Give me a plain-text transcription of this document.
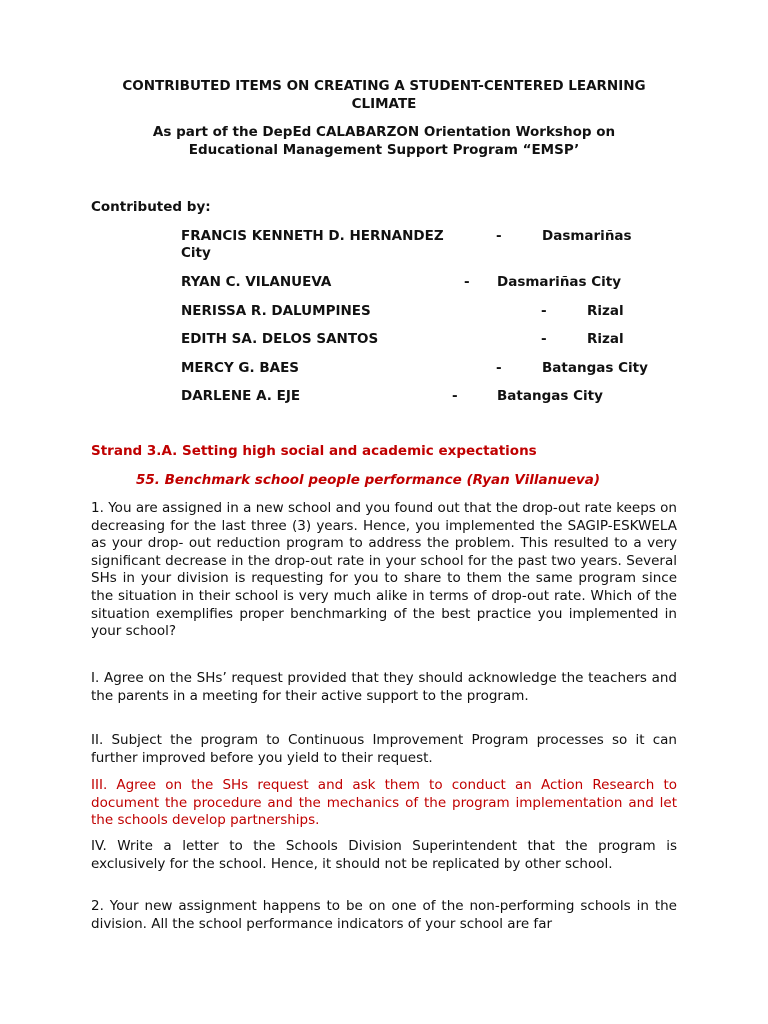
CONTRIBUTED ITEMS ON CREATING A STUDENT-CENTERED LEARNING
CLIMATE
As part of the DepEd CALABARZON Orientation Workshop on
Educational Management Support Program “EMSP’
Contributed by:
FRANCIS KENNETH D. HERNANDEZ	-	Dasmariñas
City
RYAN C. VILANUEVA	- Dasmariñas City
NERISSA R. DALUMPINES	-	Rizal
EDITH SA. DELOS SANTOS	-	Rizal
MERCY G. BAES	-	Batangas City
DARLENE A. EJE	-	Batangas City
Strand 3.A. Setting high social and academic expectations
55. Benchmark school people performance (Ryan Villanueva)

1. You are assigned in a new school and you found out that the drop-out rate keeps on decreasing for the last three (3) years. Hence, you implemented the SAGIP-ESKWELA as your drop- out reduction program to address the problem. This resulted to a very significant decrease in the drop-out rate in your school for the past two years. Several SHs in your division is requesting for you to share to them the same program since the situation in their school is very much alike in terms of drop-out rate. Which of the situation exemplifies proper benchmarking of the best practice you implemented in your school?

I. Agree on the SHs’ request provided that they should acknowledge the teachers and the parents in a meeting for their active support to the program.

II. Subject the program to Continuous Improvement Program processes so it can further improved before you yield to their request.

III. Agree on the SHs request and ask them to conduct an Action Research to document the procedure and the mechanics of the program implementation and let the schools develop partnerships.

IV. Write a letter to the Schools Division Superintendent that the program is exclusively for the school. Hence, it should not be replicated by other school.

2. Your new assignment happens to be on one of the non-performing schools in the division. All the school performance indicators of your school are far
